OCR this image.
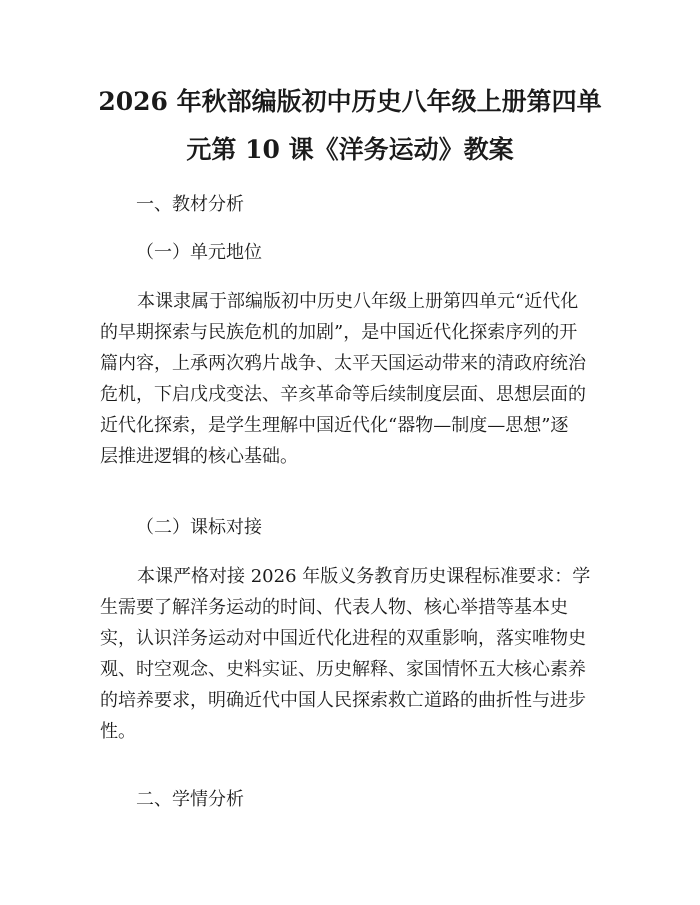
2026 年秋部编版初中历史八年级上册第四单
元第 10 课《洋务运动》教案
一、教材分析
（一）单元地位
本课隶属于部编版初中历史八年级上册第四单元“近代化
的早期探索与民族危机的加剧”，是中国近代化探索序列的开
篇内容，上承两次鸦片战争、太平天国运动带来的清政府统治
危机，下启戊戌变法、辛亥革命等后续制度层面、思想层面的
近代化探索，是学生理解中国近代化“器物—制度—思想”逐
层推进逻辑的核心基础。
（二）课标对接
本课严格对接 2026 年版义务教育历史课程标准要求：学
生需要了解洋务运动的时间、代表人物、核心举措等基本史
实，认识洋务运动对中国近代化进程的双重影响，落实唯物史
观、时空观念、史料实证、历史解释、家国情怀五大核心素养
的培养要求，明确近代中国人民探索救亡道路的曲折性与进步
性。
二、学情分析
